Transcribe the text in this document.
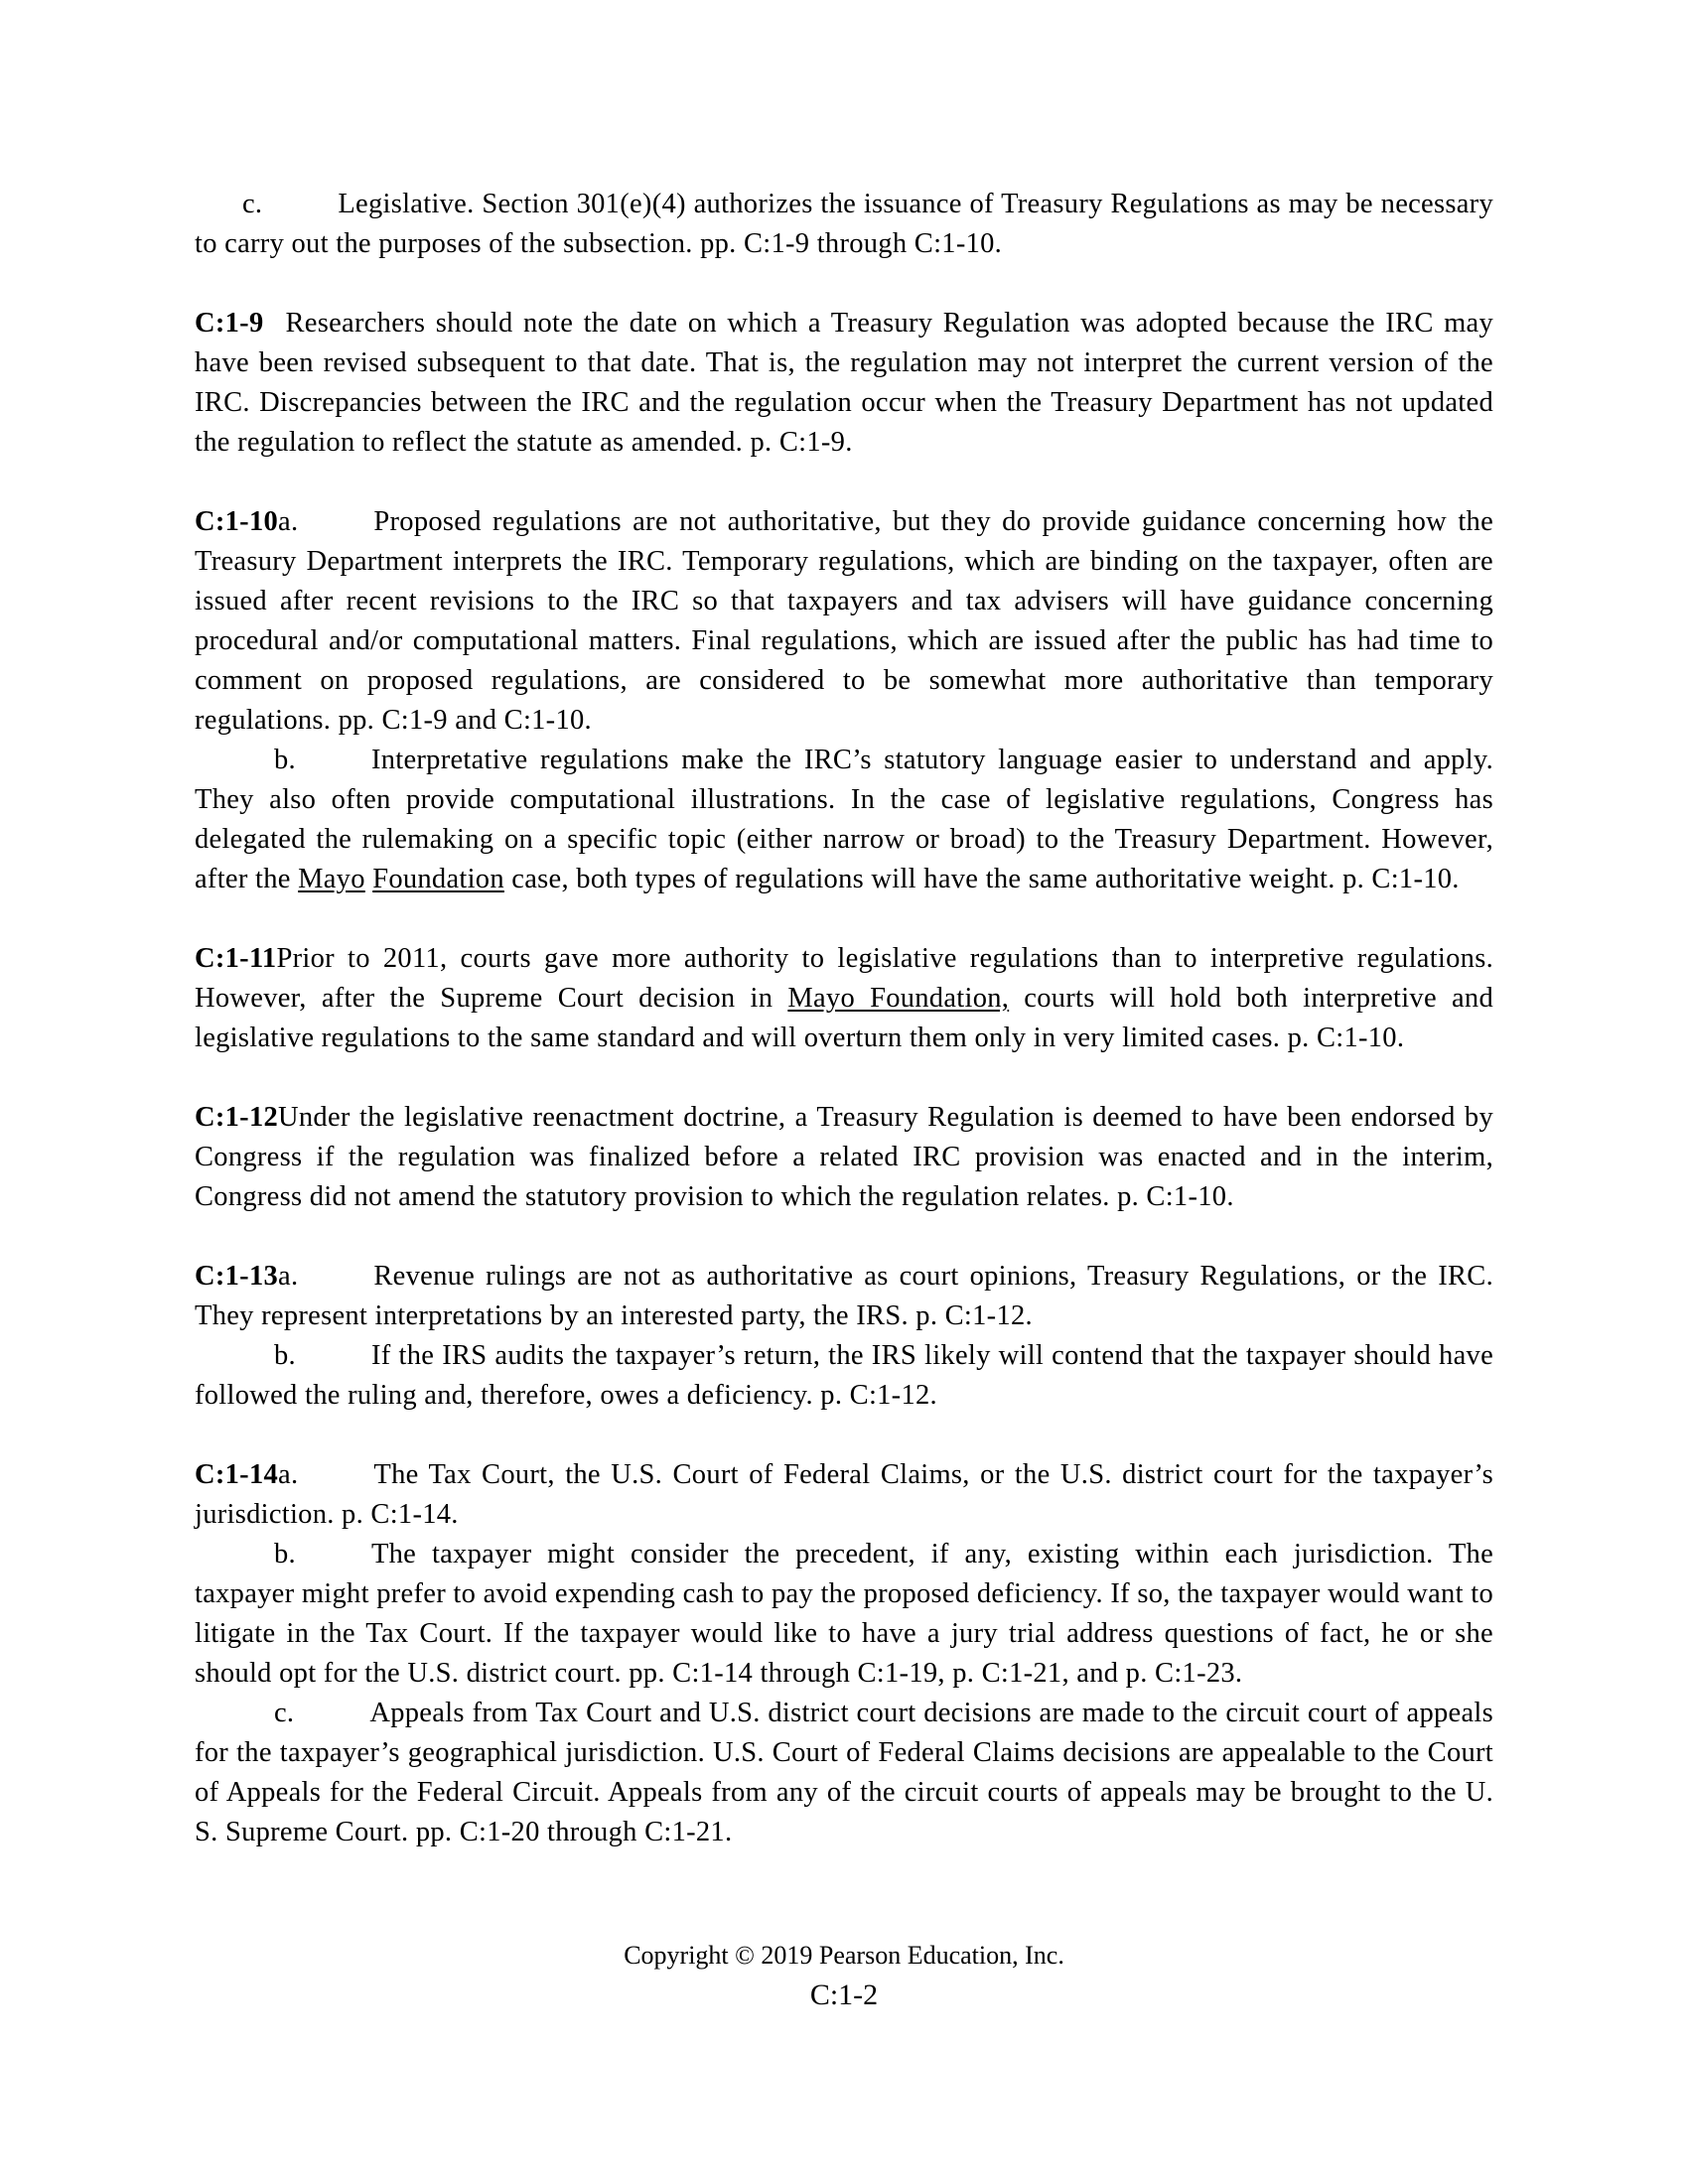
c.	Legislative. Section 301(e)(4) authorizes the issuance of Treasury Regulations as may be necessary to carry out the purposes of the subsection. pp. C:1-9 through C:1-10.

C:1-9 Researchers should note the date on which a Treasury Regulation was adopted because the IRC may have been revised subsequent to that date. That is, the regulation may not interpret the current version of the IRC. Discrepancies between the IRC and the regulation occur when the Treasury Department has not updated the regulation to reflect the statute as amended. p. C:1-9.

C:1-10a.	Proposed regulations are not authoritative, but they do provide guidance concerning how the Treasury Department interprets the IRC. Temporary regulations, which are binding on the taxpayer, often are issued after recent revisions to the IRC so that taxpayers and tax advisers will have guidance concerning procedural and/or computational matters. Final regulations, which are issued after the public has had time to comment on proposed regulations, are considered to be somewhat more authoritative than temporary regulations. pp. C:1-9 and C:1-10.

b.	Interpretative regulations make the IRC’s statutory language easier to understand and apply. They also often provide computational illustrations. In the case of legislative regulations, Congress has delegated the rulemaking on a specific topic (either narrow or broad) to the Treasury Department. However, after the Mayo Foundation case, both types of regulations will have the same authoritative weight. p. C:1-10.

C:1-11Prior to 2011, courts gave more authority to legislative regulations than to interpretive regulations. However, after the Supreme Court decision in Mayo Foundation, courts will hold both interpretive and legislative regulations to the same standard and will overturn them only in very limited cases. p. C:1-10.

C:1-12Under the legislative reenactment doctrine, a Treasury Regulation is deemed to have been endorsed by Congress if the regulation was finalized before a related IRC provision was enacted and in the interim, Congress did not amend the statutory provision to which the regulation relates. p. C:1-10.

C:1-13a.	Revenue rulings are not as authoritative as court opinions, Treasury Regulations, or the IRC. They represent interpretations by an interested party, the IRS. p. C:1-12.

b.	If the IRS audits the taxpayer’s return, the IRS likely will contend that the taxpayer should have followed the ruling and, therefore, owes a deficiency. p. C:1-12.

C:1-14a.	The Tax Court, the U.S. Court of Federal Claims, or the U.S. district court for the taxpayer’s jurisdiction. p. C:1-14.

b.	The taxpayer might consider the precedent, if any, existing within each jurisdiction. The taxpayer might prefer to avoid expending cash to pay the proposed deficiency. If so, the taxpayer would want to litigate in the Tax Court. If the taxpayer would like to have a jury trial address questions of fact, he or she should opt for the U.S. district court. pp. C:1-14 through C:1-19, p. C:1-21, and p. C:1-23.

c.	Appeals from Tax Court and U.S. district court decisions are made to the circuit court of appeals for the taxpayer’s geographical jurisdiction. U.S. Court of Federal Claims decisions are appealable to the Court of Appeals for the Federal Circuit. Appeals from any of the circuit courts of appeals may be brought to the U. S. Supreme Court. pp. C:1-20 through C:1-21.

Copyright © 2019 Pearson Education, Inc.
C:1-2
